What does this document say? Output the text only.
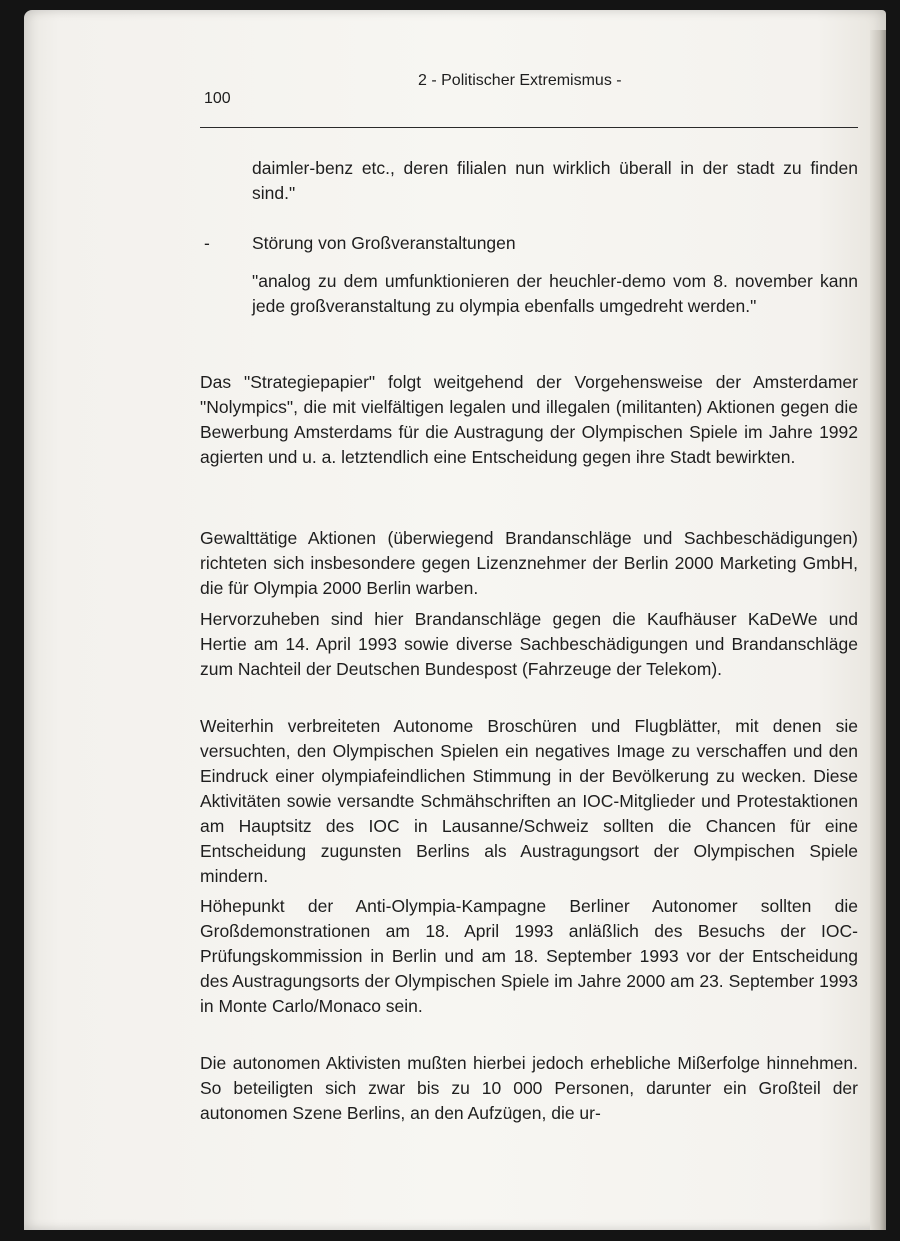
100
2 - Politischer Extremismus -
daimler-benz etc., deren filialen nun wirklich überall in der stadt zu finden sind."
- Störung von Großveranstaltungen
"analog zu dem umfunktionieren der heuchler-demo vom 8. november kann jede großveranstaltung zu olympia ebenfalls umgedreht werden."
Das "Strategiepapier" folgt weitgehend der Vorgehensweise der Amsterdamer "Nolympics", die mit vielfältigen legalen und illegalen (militanten) Aktionen gegen die Bewerbung Amsterdams für die Austragung der Olympischen Spiele im Jahre 1992 agierten und u. a. letztendlich eine Entscheidung gegen ihre Stadt bewirkten.
Gewalttätige Aktionen (überwiegend Brandanschläge und Sachbeschädigungen) richteten sich insbesondere gegen Lizenznehmer der Berlin 2000 Marketing GmbH, die für Olympia 2000 Berlin warben.
Hervorzuheben sind hier Brandanschläge gegen die Kaufhäuser KaDeWe und Hertie am 14. April 1993 sowie diverse Sachbeschädigungen und Brandanschläge zum Nachteil der Deutschen Bundespost (Fahrzeuge der Telekom).
Weiterhin verbreiteten Autonome Broschüren und Flugblätter, mit denen sie versuchten, den Olympischen Spielen ein negatives Image zu verschaffen und den Eindruck einer olympiafeindlichen Stimmung in der Bevölkerung zu wecken. Diese Aktivitäten sowie versandte Schmähschriften an IOC-Mitglieder und Protestaktionen am Hauptsitz des IOC in Lausanne/Schweiz sollten die Chancen für eine Entscheidung zugunsten Berlins als Austragungsort der Olympischen Spiele mindern.
Höhepunkt der Anti-Olympia-Kampagne Berliner Autonomer sollten die Großdemonstrationen am 18. April 1993 anläßlich des Besuchs der IOC-Prüfungskommission in Berlin und am 18. September 1993 vor der Entscheidung des Austragungsorts der Olympischen Spiele im Jahre 2000 am 23. September 1993 in Monte Carlo/Monaco sein.
Die autonomen Aktivisten mußten hierbei jedoch erhebliche Mißerfolge hinnehmen. So beteiligten sich zwar bis zu 10 000 Personen, darunter ein Großteil der autonomen Szene Berlins, an den Aufzügen, die ur-
